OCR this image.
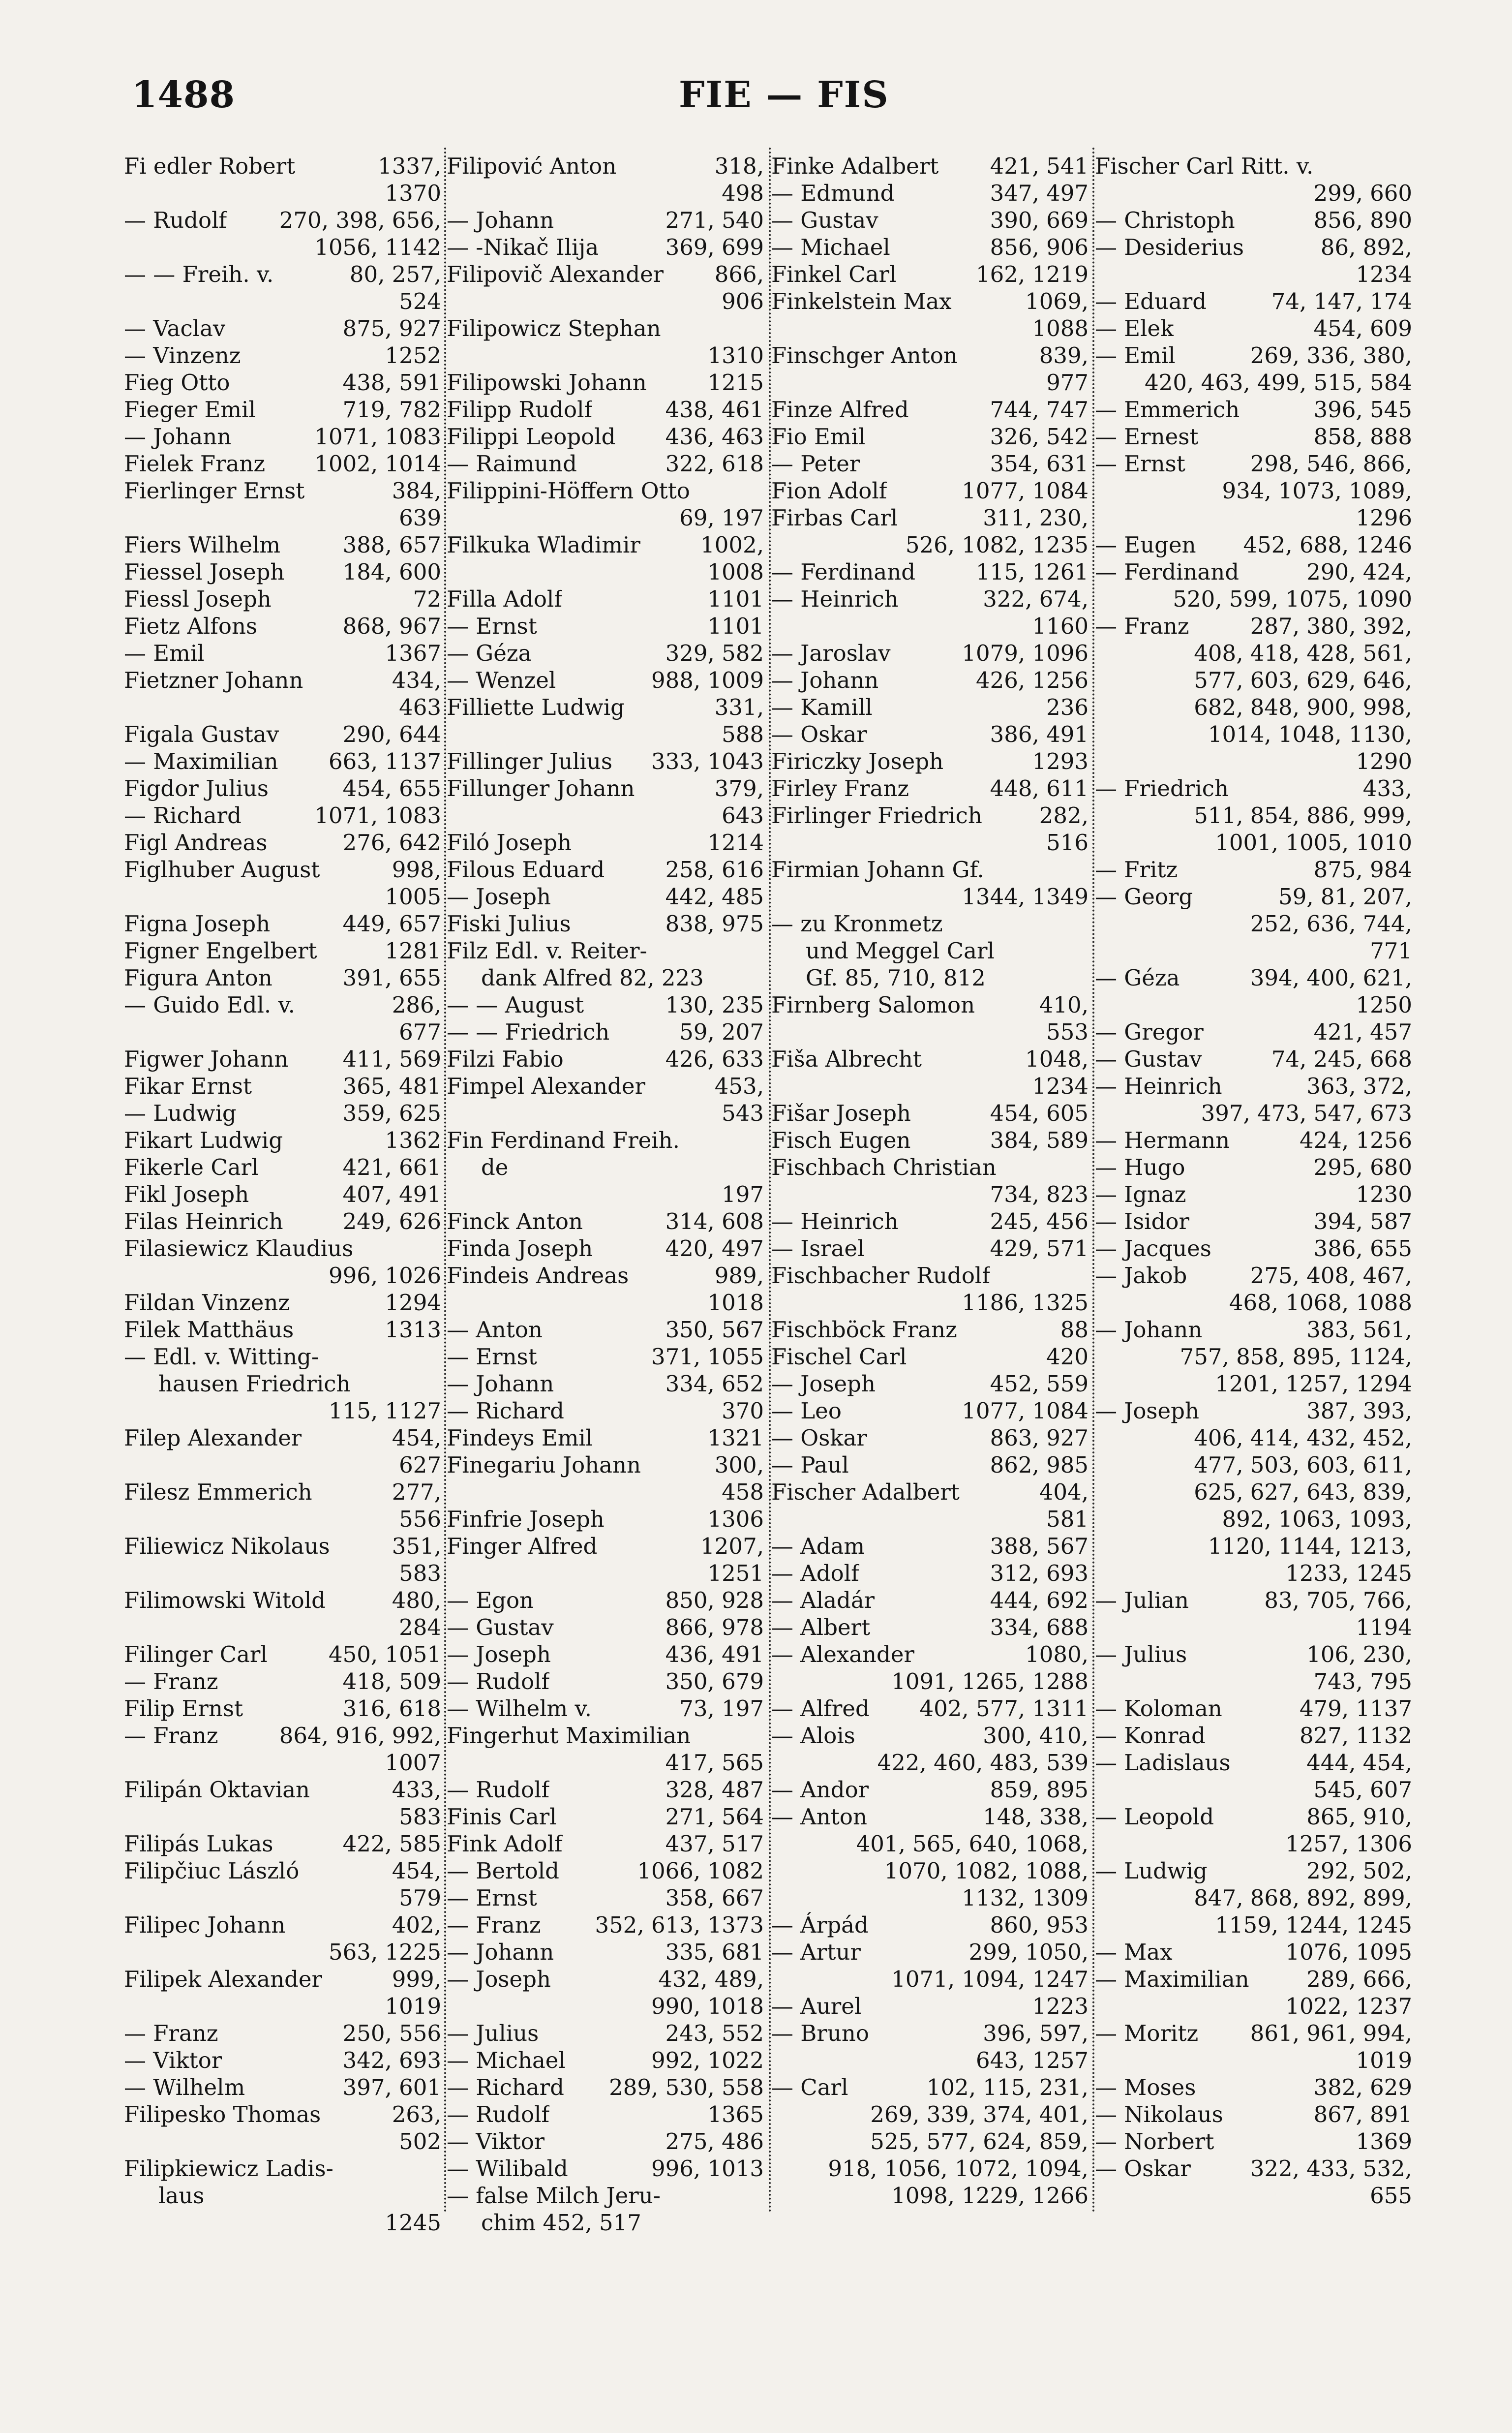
1488	FIE — FIS
Fi edler Robert	1337,
1370
— Rudolf 270, 398, 656,
1056, 1142
— — Freih. v.	80, 257,
524
— Vaclav	875, 927
— Vinzenz	1252
Fieg Otto	438, 591
Fieger Emil	719, 782
— Johann	1071, 1083
Fielek Franz 1002, 1014
Fierlinger Ernst	384,
639
Fiers Wilhelm	388, 657
Fiessel Joseph	184, 600
Fiessl Joseph	72
Fietz Alfons	868, 967
— Emil	1367
Fietzner Johann	434,
463
Figala Gustav	290, 644
— Maximilian 663, 1137
Figdor Julius	454, 655
— Richard	1071, 1083
Figl Andreas	276, 642
Figlhuber August	998,
1005
Figna Joseph	449, 657
Figner Engelbert	1281
Figura Anton	391, 655
— Guido Edl. v.	286,
677
Figwer Johann 411, 569
Fikar Ernst	365, 481
— Ludwig	359, 625
Fikart Ludwig	1362
Fikerle Carl	421, 661
Fikl Joseph	407, 491
Filas Heinrich	249, 626
Filasiewicz Klaudius
996, 1026
Fildan Vinzenz	1294
Filek Matthäus	1313
— Edl. v. Witting-
hausen Friedrich
115, 1127
Filep Alexander	454,
627
Filesz Emmerich	277,
556
Filiewicz Nikolaus	351,
583
Filimowski Witold	480,
284
Filinger Carl	450, 1051
— Franz	418, 509
Filip Ernst	316, 618
— Franz	864, 916, 992,
1007
Filipán Oktavian	433,
583
Filipás Lukas	422, 585
Filipčiuc László	454,
579
Filipec Johann	402,
563, 1225
Filipek Alexander	999,
1019
— Franz	250, 556
— Viktor	342, 693
— Wilhelm	397, 601
Filipesko Thomas	263,
502
Filipkiewicz Ladis-
laus
1245
Filipović Anton	318,
498
— Johann	271, 540
— -Nikač Ilija	369, 699
Filipovič Alexander 866,
906
Filipowicz Stephan
1310
Filipowski Johann	1215
Filipp Rudolf	438, 461
Filippi Leopold 436, 463
— Raimund	322, 618
Filippini-Höffern Otto
69, 197
Filkuka Wladimir	1002,
1008
Filla Adolf	1101
— Ernst	1101
— Géza	329, 582
— Wenzel	988, 1009
Filliette Ludwig	331,
588
Fillinger Julius 333, 1043
Fillunger Johann	379,
643
Filó Joseph	1214
Filous Eduard	258, 616
— Joseph	442, 485
Fiski Julius	838, 975
Filz Edl. v. Reiter-
dank Alfred 82, 223
— — August	130, 235
— — Friedrich	59, 207
Filzi Fabio	426, 633
Fimpel Alexander	453,
543
Fin Ferdinand Freih.
de
197
Finck Anton	314, 608
Finda Joseph	420, 497
Findeis Andreas	989,
1018
— Anton	350, 567
— Ernst	371, 1055
— Johann	334, 652
— Richard	370
Findeys Emil	1321
Finegariu Johann	300,
458
Finfrie Joseph	1306
Finger Alfred	1207,
1251
— Egon	850, 928
— Gustav	866, 978
— Joseph	436, 491
— Rudolf	350, 679
— Wilhelm v.	73, 197
Fingerhut Maximilian
417, 565
— Rudolf	328, 487
Finis Carl	271, 564
Fink Adolf	437, 517
— Bertold	1066, 1082
— Ernst	358, 667
— Franz 352, 613, 1373
— Johann	335, 681
— Joseph	432, 489,
990, 1018
— Julius	243, 552
— Michael	992, 1022
— Richard 289, 530, 558
— Rudolf	1365
— Viktor	275, 486
— Wilibald	996, 1013
— false Milch Jeru-
chim 452, 517
Finke Adalbert 421, 541
— Edmund	347, 497
— Gustav	390, 669
— Michael	856, 906
Finkel Carl	162, 1219
Finkelstein Max	1069,
1088
Finschger Anton	839,
977
Finze Alfred	744, 747
Fio Emil	326, 542
— Peter	354, 631
Fion Adolf	1077, 1084
Firbas Carl	311, 230,
526, 1082, 1235
— Ferdinand	115, 1261
— Heinrich	322, 674,
1160
— Jaroslav	1079, 1096
— Johann	426, 1256
— Kamill	236
— Oskar	386, 491
Firiczky Joseph	1293
Firley Franz	448, 611
Firlinger Friedrich	282,
516
Firmian Johann Gf.
1344, 1349
— zu Kronmetz
und Meggel Carl
Gf. 85, 710, 812
Firnberg Salomon	410,
553
Fiša Albrecht	1048,
1234
Fišar Joseph	454, 605
Fisch Eugen	384, 589
Fischbach Christian
734, 823
— Heinrich	245, 456
— Israel	429, 571
Fischbacher Rudolf
1186, 1325
Fischböck Franz	88
Fischel Carl	420
— Joseph	452, 559
— Leo	1077, 1084
— Oskar	863, 927
— Paul	862, 985
Fischer Adalbert	404,
581
— Adam	388, 567
— Adolf	312, 693
— Aladár	444, 692
— Albert	334, 688
— Alexander	1080,
1091, 1265, 1288
— Alfred 402, 577, 1311
— Alois	300, 410,
422, 460, 483, 539
— Andor	859, 895
— Anton	148, 338,
401, 565, 640, 1068,
1070, 1082, 1088,
1132, 1309
— Árpád	860, 953
— Artur	299, 1050,
1071, 1094, 1247
— Aurel	1223
— Bruno	396, 597,
643, 1257
— Carl	102, 115, 231,
269, 339, 374, 401,
525, 577, 624, 859,
918, 1056, 1072, 1094,
1098, 1229, 1266
Fischer Carl Ritt. v.
299, 660
— Christoph	856, 890
— Desiderius	86, 892,
1234
— Eduard	74, 147, 174
— Elek	454, 609
— Emil	269, 336, 380,
420, 463, 499, 515, 584
— Emmerich	396, 545
— Ernest	858, 888
— Ernst	298, 546, 866,
934, 1073, 1089,
1296
— Eugen 452, 688, 1246
— Ferdinand	290, 424,
520, 599, 1075, 1090
— Franz	287, 380, 392,
408, 418, 428, 561,
577, 603, 629, 646,
682, 848, 900, 998,
1014, 1048, 1130,
1290
— Friedrich	433,
511, 854, 886, 999,
1001, 1005, 1010
— Fritz	875, 984
— Georg	59, 81, 207,
252, 636, 744,
771
— Géza	394, 400, 621,
1250
— Gregor	421, 457
— Gustav	74, 245, 668
— Heinrich	363, 372,
397, 473, 547, 673
— Hermann	424, 1256
— Hugo	295, 680
— Ignaz	1230
— Isidor	394, 587
— Jacques	386, 655
— Jakob	275, 408, 467,
468, 1068, 1088
— Johann	383, 561,
757, 858, 895, 1124,
1201, 1257, 1294
— Joseph	387, 393,
406, 414, 432, 452,
477, 503, 603, 611,
625, 627, 643, 839,
892, 1063, 1093,
1120, 1144, 1213,
1233, 1245
— Julian	83, 705, 766,
1194
— Julius	106, 230,
743, 795
— Koloman	479, 1137
— Konrad	827, 1132
— Ladislaus	444, 454,
545, 607
— Leopold	865, 910,
1257, 1306
— Ludwig	292, 502,
847, 868, 892, 899,
1159, 1244, 1245
— Max	1076, 1095
— Maximilian	289, 666,
1022, 1237
— Moritz 861, 961, 994,
1019
— Moses	382, 629
— Nikolaus	867, 891
— Norbert	1369
— Oskar	322, 433, 532,
655
